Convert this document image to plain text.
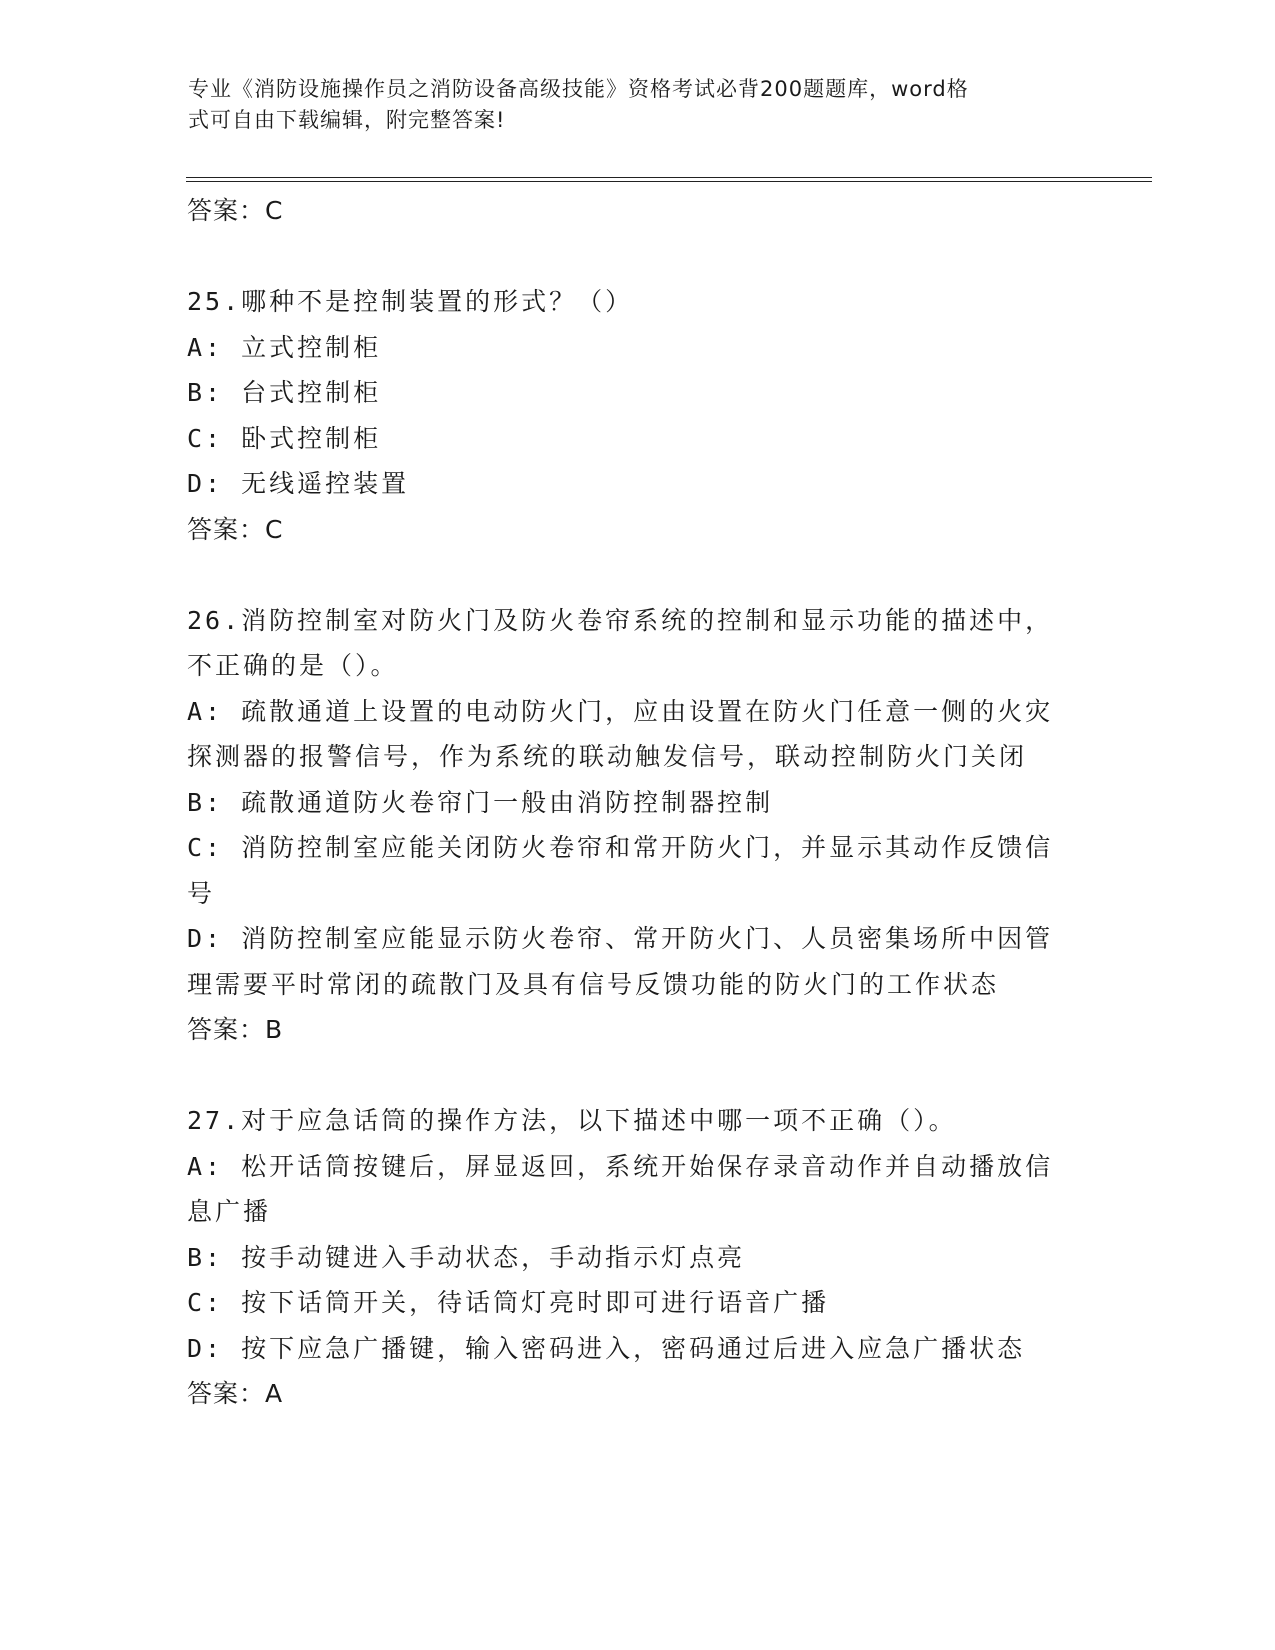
专业《消防设施操作员之消防设备高级技能》资格考试必背200题题库，word格
式可自由下载编辑，附完整答案!
答案：C
25.哪种不是控制装置的形式？（）
A: 立式控制柜
B: 台式控制柜
C: 卧式控制柜
D: 无线遥控装置
答案：C
26.消防控制室对防火门及防火卷帘系统的控制和显示功能的描述中，
不正确的是（）。
A: 疏散通道上设置的电动防火门，应由设置在防火门任意一侧的火灾
探测器的报警信号，作为系统的联动触发信号，联动控制防火门关闭
B: 疏散通道防火卷帘门一般由消防控制器控制
C: 消防控制室应能关闭防火卷帘和常开防火门，并显示其动作反馈信
号
D: 消防控制室应能显示防火卷帘、常开防火门、人员密集场所中因管
理需要平时常闭的疏散门及具有信号反馈功能的防火门的工作状态
答案：B
27.对于应急话筒的操作方法，以下描述中哪一项不正确（）。
A: 松开话筒按键后，屏显返回，系统开始保存录音动作并自动播放信
息广播
B: 按手动键进入手动状态，手动指示灯点亮
C: 按下话筒开关，待话筒灯亮时即可进行语音广播
D: 按下应急广播键，输入密码进入，密码通过后进入应急广播状态
答案：A
